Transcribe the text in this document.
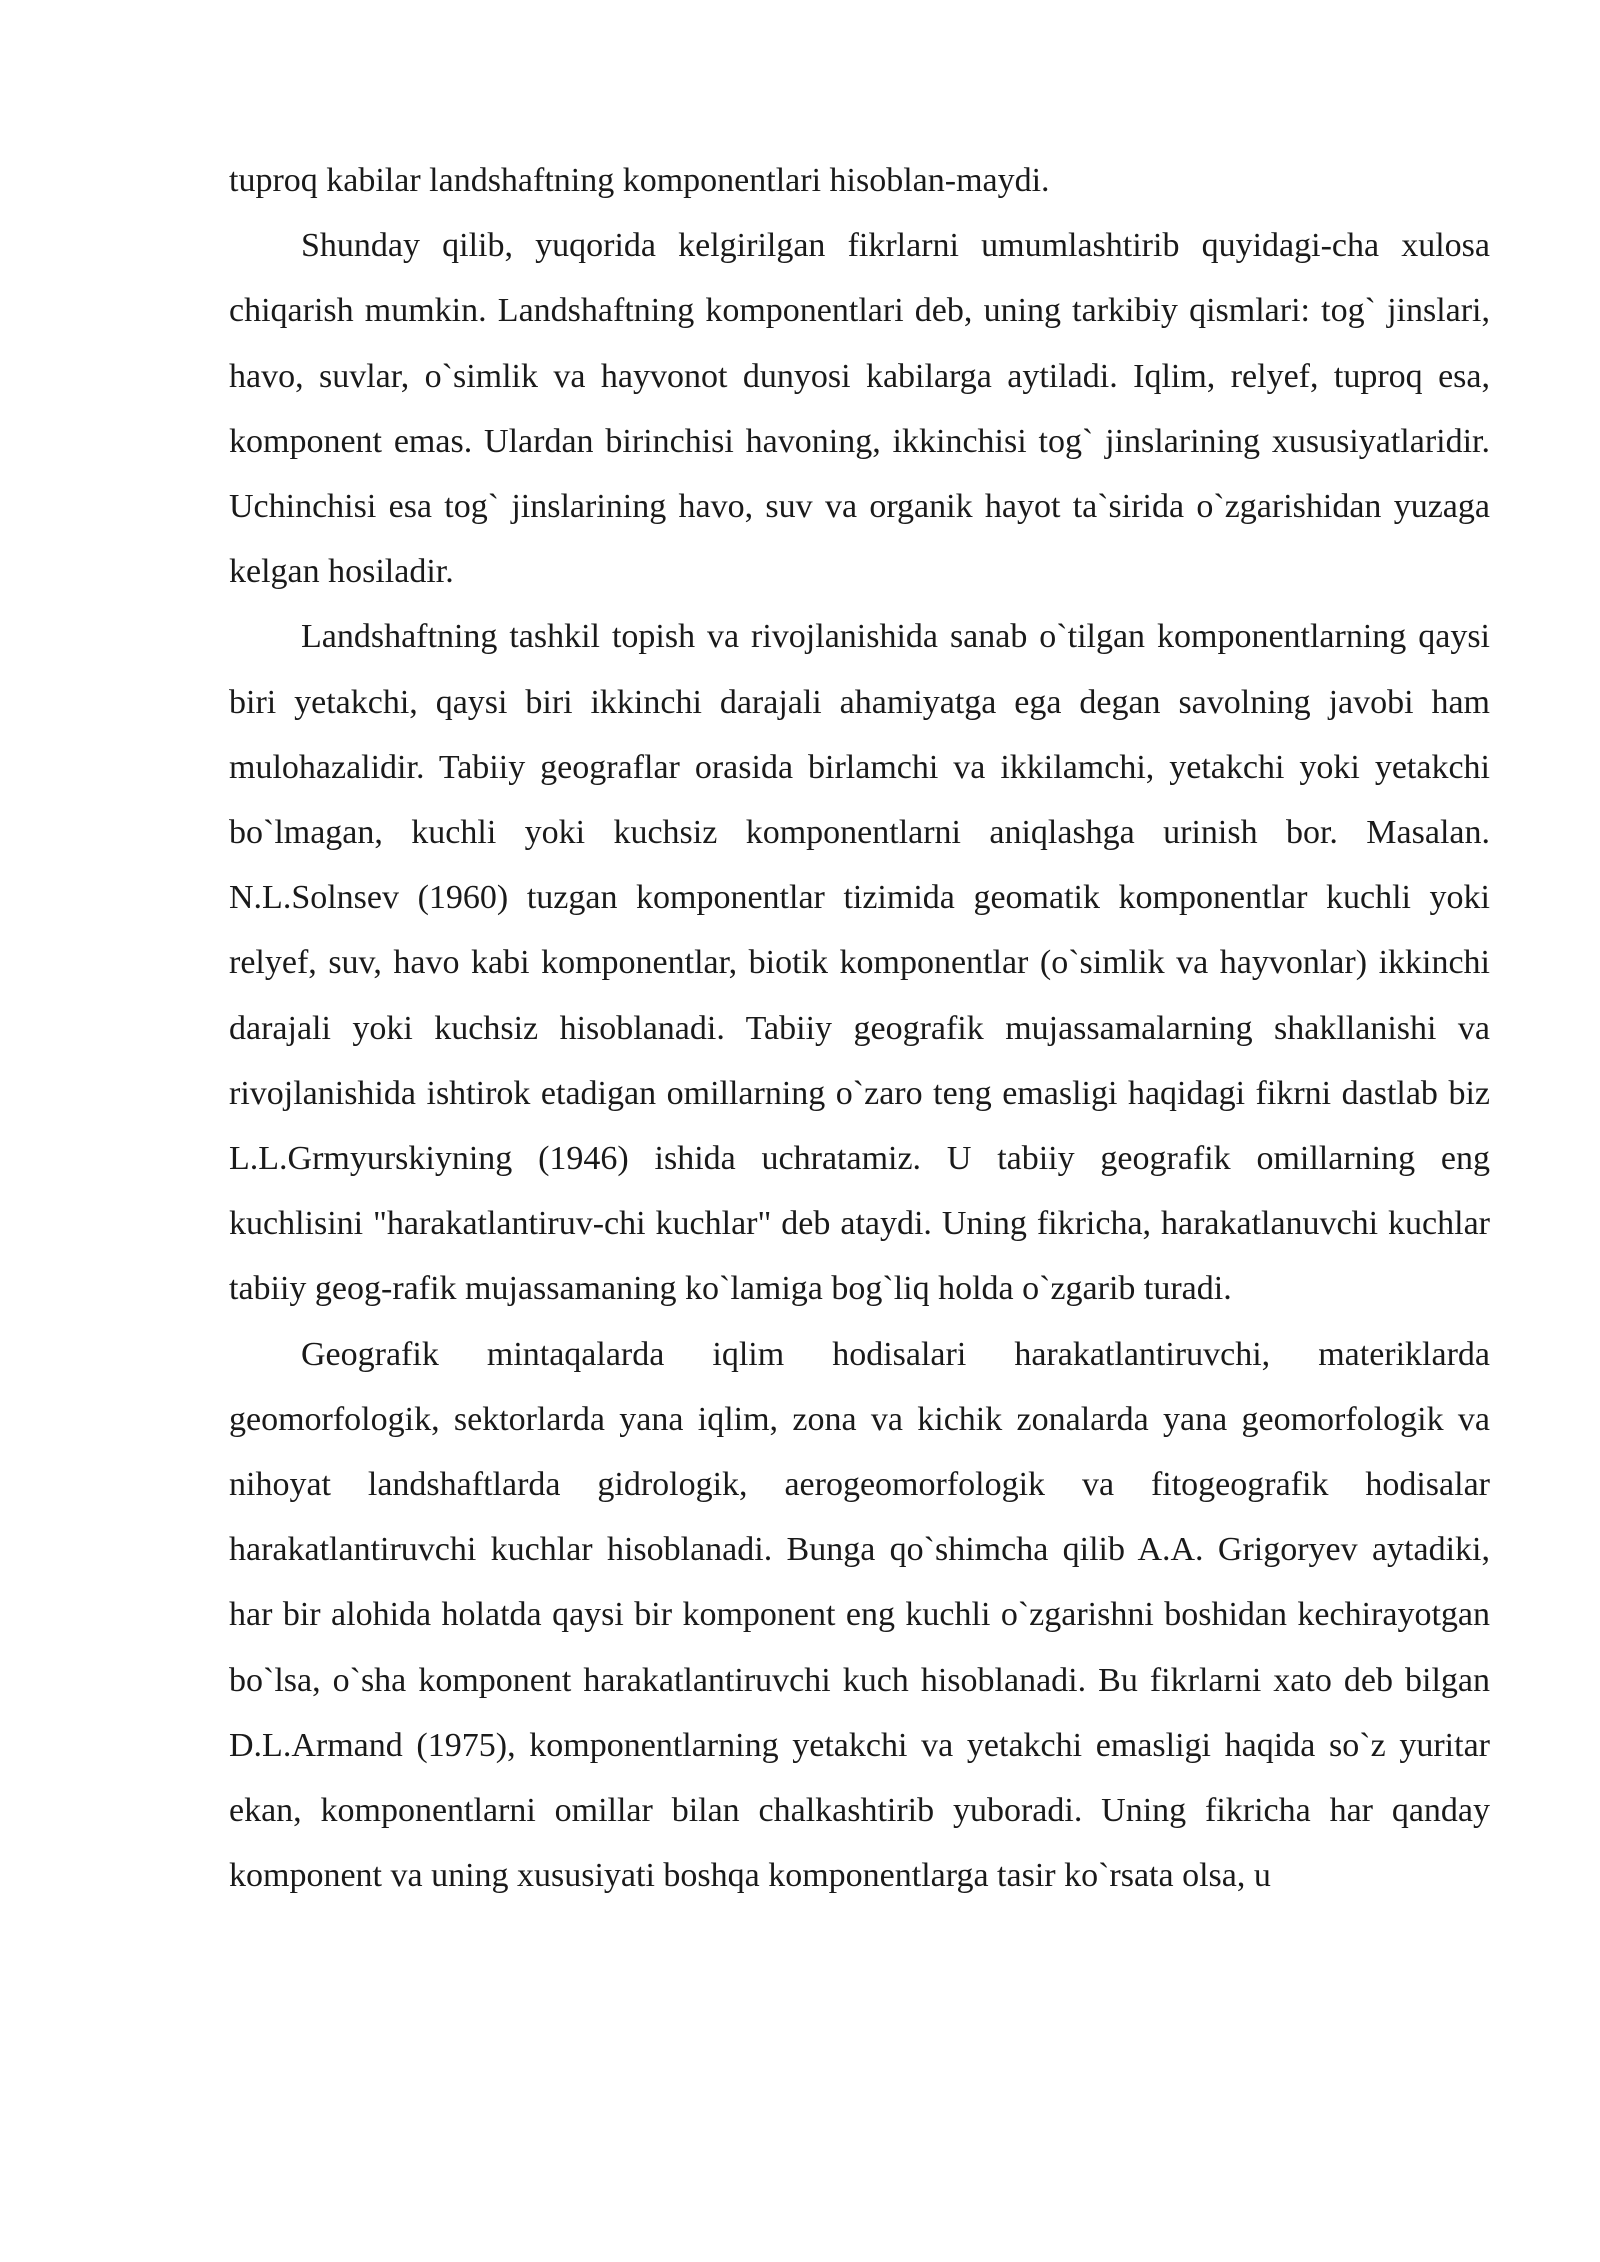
tuproq kabilar landshaftning komponentlari hisoblan-maydi.

Shunday qilib, yuqorida kelgirilgan fikrlarni umumlashtirib quyidagi-cha xulosa chiqarish mumkin. Landshaftning komponentlari deb, uning tarkibiy qismlari: tog` jinslari, havo, suvlar, o`simlik va hayvonot dunyosi kabilarga aytiladi. Iqlim, relyef, tuproq esa, komponent emas. Ulardan birinchisi havoning, ikkinchisi tog` jinslarining xususiyatlaridir. Uchinchisi esa tog` jinslarining havo, suv va organik hayot ta`sirida o`zgarishidan yuzaga kelgan hosiladir.

Landshaftning tashkil topish va rivojlanishida sanab o`tilgan komponentlarning qaysi biri yetakchi, qaysi biri ikkinchi darajali ahamiyatga ega degan savolning javobi ham mulohazalidir. Tabiiy geograflar orasida birlamchi va ikkilamchi, yetakchi yoki yetakchi bo`lmagan, kuchli yoki kuchsiz komponentlarni aniqlashga urinish bor. Masalan. N.L.Solnsev (1960) tuzgan komponentlar tizimida geomatik komponentlar kuchli yoki relyef, suv, havo kabi komponentlar, biotik komponentlar (o`simlik va hayvonlar) ikkinchi darajali yoki kuchsiz hisoblanadi. Tabiiy geografik mujassamalarning shakllanishi va rivojlanishida ishtirok etadigan omillarning o`zaro teng emasligi haqidagi fikrni dastlab biz L.L.Grmyurskiyning (1946) ishida uchratamiz. U tabiiy geografik omillarning eng kuchlisini "harakatlantiruv-chi kuchlar" deb ataydi. Uning fikricha, harakatlanuvchi kuchlar tabiiy geog-rafik mujassamaning ko`lamiga bog`liq holda o`zgarib turadi.

Geografik mintaqalarda iqlim hodisalari harakatlantiruvchi, materiklarda geomorfologik, sektorlarda yana iqlim, zona va kichik zonalarda yana geomorfologik va nihoyat landshaftlarda gidrologik, aerogeomorfologik va fitogeografik hodisalar harakatlantiruvchi kuchlar hisoblanadi. Bunga qo`shimcha qilib A.A. Grigoryev aytadiki, har bir alohida holatda qaysi bir komponent eng kuchli o`zgarishni boshidan kechirayotgan bo`lsa, o`sha komponent harakatlantiruvchi kuch hisoblanadi. Bu fikrlarni xato deb bilgan D.L.Armand (1975), komponentlarning yetakchi va yetakchi emasligi haqida so`z yuritar ekan, komponentlarni omillar bilan chalkashtirib yuboradi. Uning fikricha har qanday komponent va uning xususiyati boshqa komponentlarga tasir ko`rsata olsa, u
